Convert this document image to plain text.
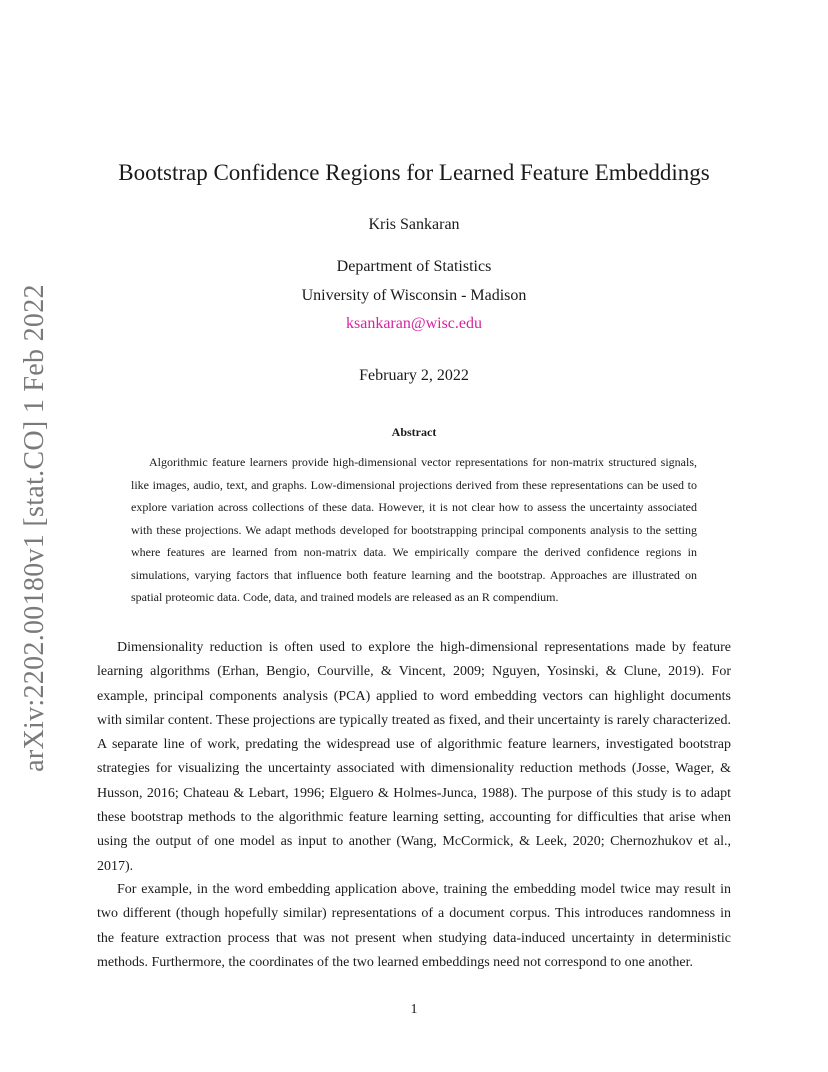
arXiv:2202.00180v1 [stat.CO] 1 Feb 2022
Bootstrap Confidence Regions for Learned Feature Embeddings
Kris Sankaran
Department of Statistics
University of Wisconsin - Madison
ksankaran@wisc.edu
February 2, 2022
Abstract

Algorithmic feature learners provide high-dimensional vector representations for non-matrix structured signals, like images, audio, text, and graphs. Low-dimensional projections derived from these representations can be used to explore variation across collections of these data. However, it is not clear how to assess the uncertainty associated with these projections. We adapt methods developed for bootstrapping principal components analysis to the setting where features are learned from non-matrix data. We empirically compare the derived confidence regions in simulations, varying factors that influence both feature learning and the bootstrap. Approaches are illustrated on spatial proteomic data. Code, data, and trained models are released as an R compendium.

Dimensionality reduction is often used to explore the high-dimensional representations made by feature learning algorithms (Erhan, Bengio, Courville, & Vincent, 2009; Nguyen, Yosinski, & Clune, 2019). For example, principal components analysis (PCA) applied to word embedding vectors can highlight documents with similar content. These projections are typically treated as fixed, and their uncertainty is rarely characterized. A separate line of work, predating the widespread use of algorithmic feature learners, investigated bootstrap strategies for visualizing the uncertainty associated with dimensionality reduction methods (Josse, Wager, & Husson, 2016; Chateau & Lebart, 1996; Elguero & Holmes-Junca, 1988). The purpose of this study is to adapt these bootstrap methods to the algorithmic feature learning setting, accounting for difficulties that arise when using the output of one model as input to another (Wang, McCormick, & Leek, 2020; Chernozhukov et al., 2017).

For example, in the word embedding application above, training the embedding model twice may result in two different (though hopefully similar) representations of a document corpus. This introduces randomness in the feature extraction process that was not present when studying data-induced uncertainty in deterministic methods. Furthermore, the coordinates of the two learned embeddings need not correspond to one another.

1
